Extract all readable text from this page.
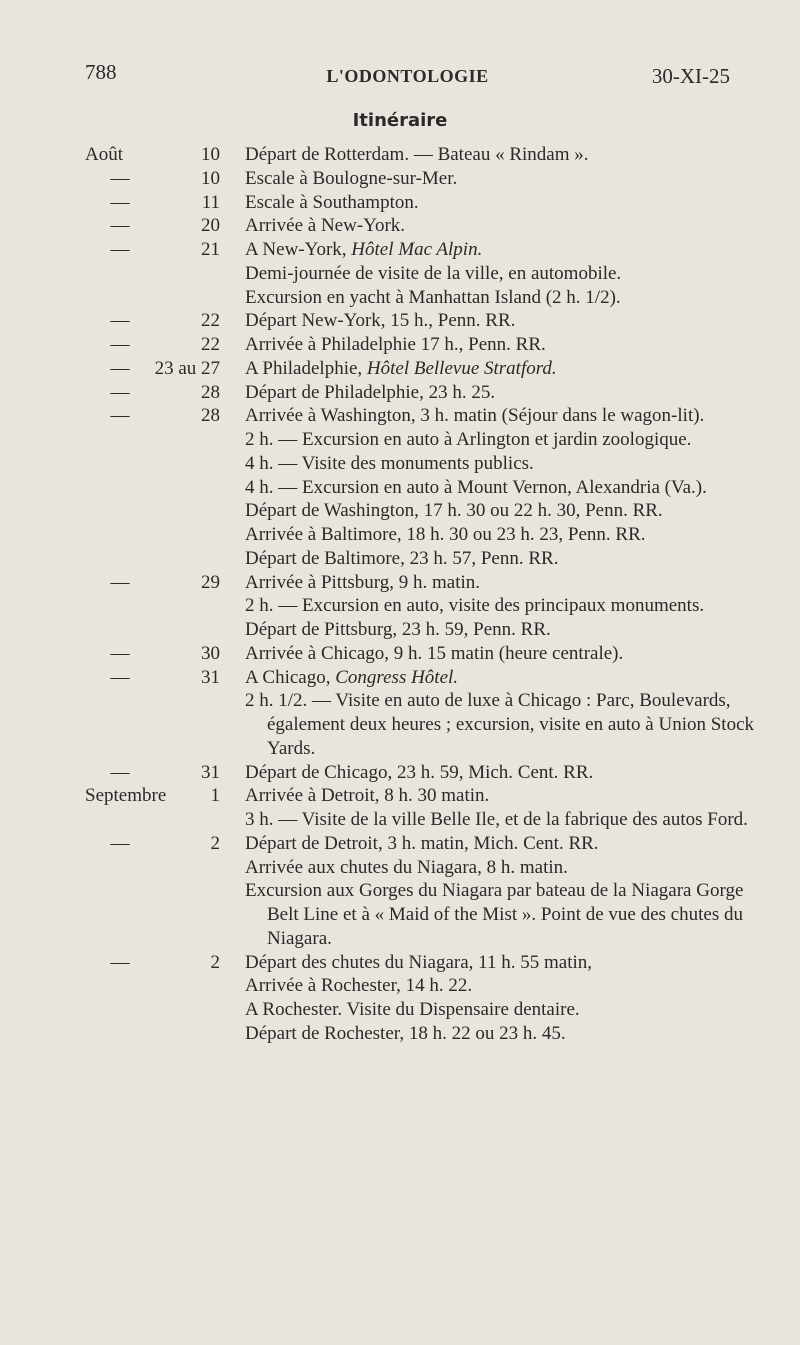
788	L'ODONTOLOGIE	30-XI-25
Itinéraire
Août	10 Départ de Rotterdam. — Bateau « Rindam ».
—	10 Escale à Boulogne-sur-Mer.
—	11 Escale à Southampton.
—	20 Arrivée à New-York.
—	21 A New-York, Hôtel Mac Alpin.
Demi-journée de visite de la ville, en automobile.
Excursion en yacht à Manhattan Island (2 h. 1/2).
—	22 Départ New-York, 15 h., Penn. RR.
—	22 Arrivée à Philadelphie 17 h., Penn. RR.
—	23 au 27 A Philadelphie, Hôtel Bellevue Stratford.
—	28 Départ de Philadelphie, 23 h. 25.
—	28 Arrivée à Washington, 3 h. matin (Séjour dans le wagon-lit).
2 h. — Excursion en auto à Arlington et jardin zoologique.
4 h. — Visite des monuments publics.
4 h. — Excursion en auto à Mount Vernon, Alexandria (Va.).
Départ de Washington, 17 h. 30 ou 22 h. 30, Penn. RR.
Arrivée à Baltimore, 18 h. 30 ou 23 h. 23, Penn. RR.
Départ de Baltimore, 23 h. 57, Penn. RR.
—	29 Arrivée à Pittsburg, 9 h. matin.
2 h. — Excursion en auto, visite des principaux monuments.
Départ de Pittsburg, 23 h. 59, Penn. RR.
—	30 Arrivée à Chicago, 9 h. 15 matin (heure centrale).
—	31 A Chicago, Congress Hôtel.
2 h. 1/2. — Visite en auto de luxe à Chicago : Parc, Boulevards, également deux heures ; excursion, visite en auto à Union Stock Yards.
—	31 Départ de Chicago, 23 h. 59, Mich. Cent. RR.
Septembre	1 Arrivée à Detroit, 8 h. 30 matin.
3 h. — Visite de la ville Belle Ile, et de la fabrique des autos Ford.
—	2 Départ de Detroit, 3 h. matin, Mich. Cent. RR.
Arrivée aux chutes du Niagara, 8 h. matin.
Excursion aux Gorges du Niagara par bateau de la Niagara Gorge Belt Line et à « Maid of the Mist ». Point de vue des chutes du Niagara.
—	2 Départ des chutes du Niagara, 11 h. 55 matin,
Arrivée à Rochester, 14 h. 22.
A Rochester. Visite du Dispensaire dentaire.
Départ de Rochester, 18 h. 22 ou 23 h. 45.
